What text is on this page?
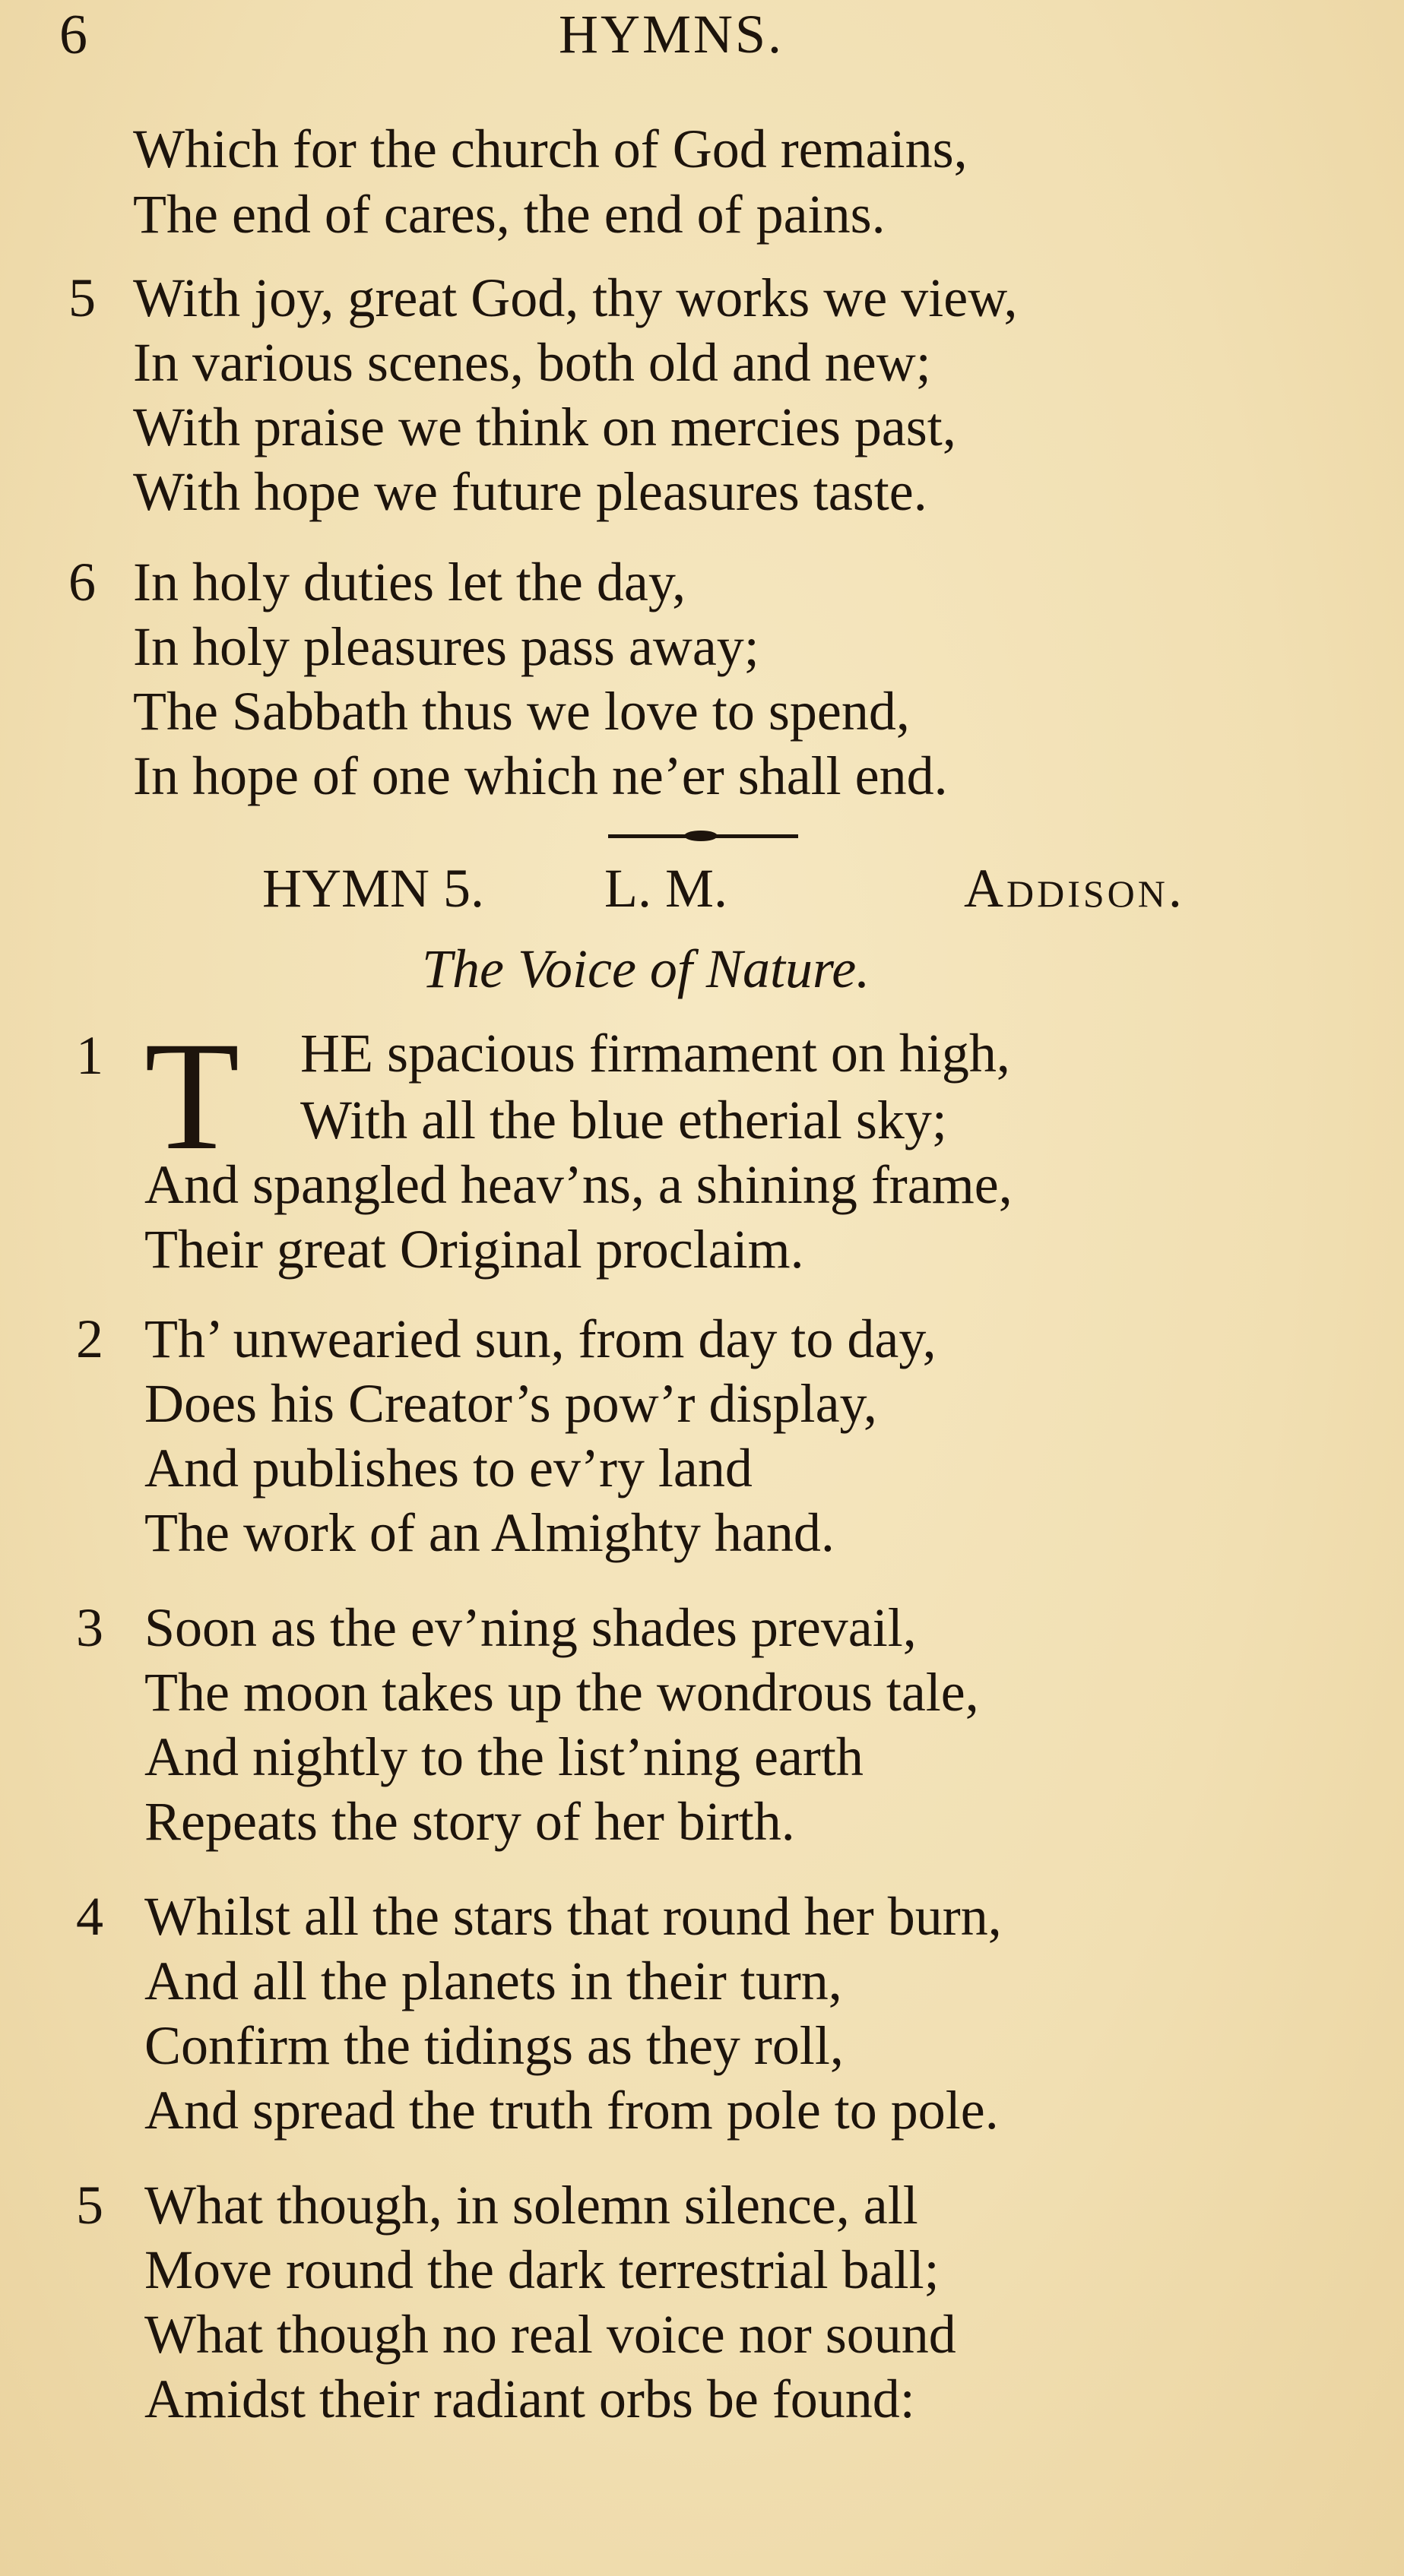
6	HYMNS.
Which for the church of God remains,
The end of cares, the end of pains.
5 With joy, great God, thy works we view,
In various scenes, both old and new;
With praise we think on mercies past,
With hope we future pleasures taste.
6 In holy duties let the day,
In holy pleasures pass away;
The Sabbath thus we love to spend,
In hope of one which ne’er shall end.
HYMN 5. L. M.	Addison.
The Voice of Nature.
1 T HE spacious firmament on high,
With all the blue etherial sky;
And spangled heav’ns, a shining frame,
Their great Original proclaim.
2 Th’ unwearied sun, from day to day,
Does his Creator’s pow’r display,
And publishes to ev’ry land
The work of an Almighty hand.
3 Soon as the ev’ning shades prevail,
The moon takes up the wondrous tale,
And nightly to the list’ning earth
Repeats the story of her birth.
4 Whilst all the stars that round her burn,
And all the planets in their turn,
Confirm the tidings as they roll,
And spread the truth from pole to pole.
5 What though, in solemn silence, all
Move round the dark terrestrial ball;
What though no real voice nor sound
Amidst their radiant orbs be found:
